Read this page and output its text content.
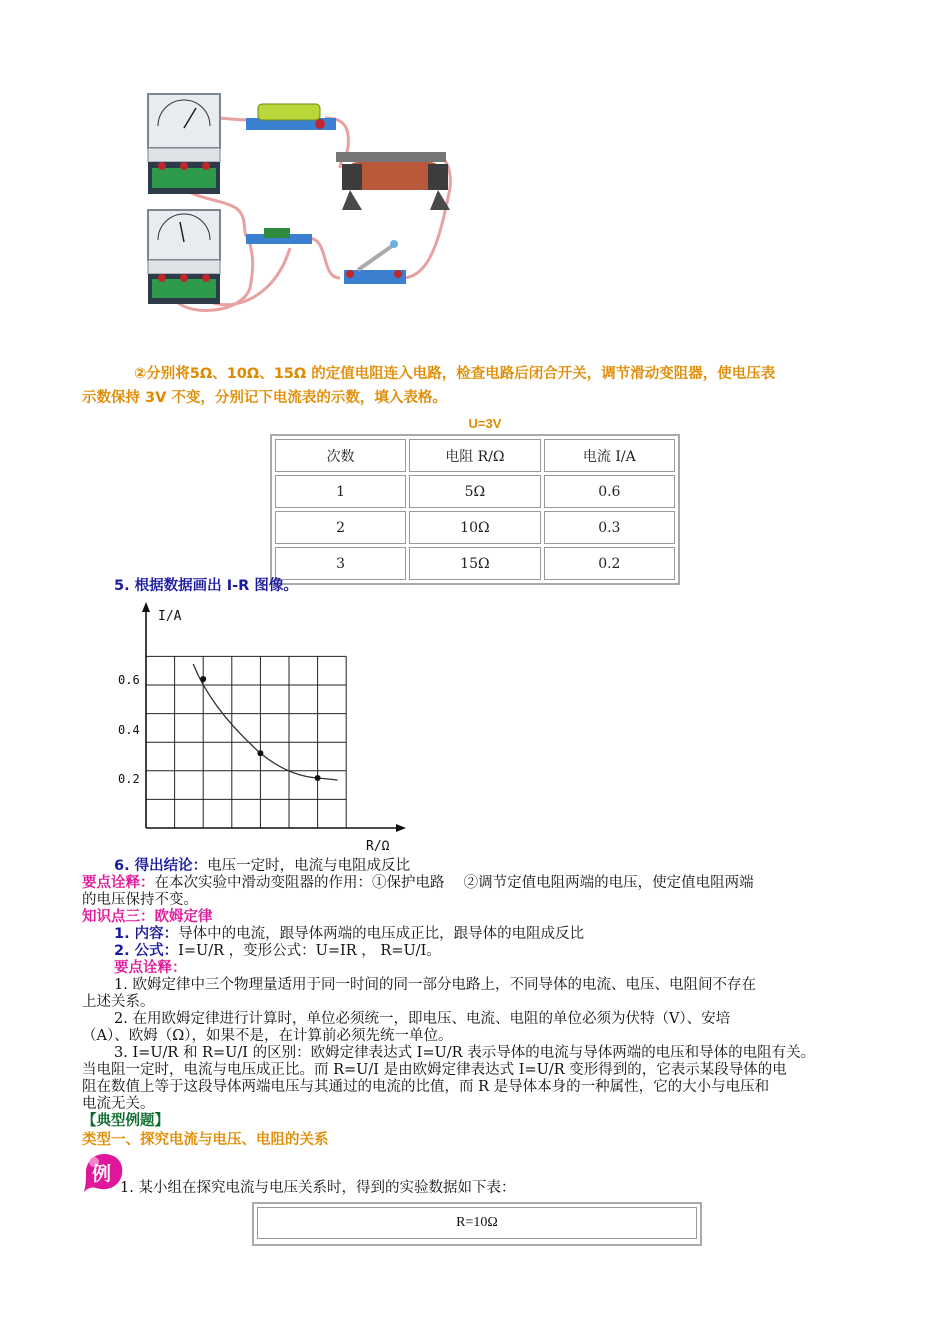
②分别将5Ω、10Ω、15Ω 的定值电阻连入电路，检查电路后闭合开关，调节滑动变阻器，使电压表
示数保持 3V 不变，分别记下电流表的示数，填入表格。
U=3V
次数	电阻 R/Ω	电流 I/A
1	5Ω	0.6
2	10Ω	0.3
3	15Ω	0.2
5. 根据数据画出 I-R 图像。
I/A
R/Ω
0.6
0.4
0.2
6. 得出结论：电压一定时，电流与电阻成反比
要点诠释：在本次实验中滑动变阻器的作用：①保护电路　 ②调节定值电阻两端的电压，使定值电阻两端
的电压保持不变。
知识点三：欧姆定律
1. 内容：导体中的电流，跟导体两端的电压成正比，跟导体的电阻成反比
2. 公式：I=U/R ，变形公式：U=IR ， R=U/I。
要点诠释：
1. 欧姆定律中三个物理量适用于同一时间的同一部分电路上，不同导体的电流、电压、电阻间不存在
上述关系。
2. 在用欧姆定律进行计算时，单位必须统一，即电压、电流、电阻的单位必须为伏特（V）、安培
（A）、欧姆（Ω），如果不是，在计算前必须先统一单位。
3. I=U/R 和 R=U/I 的区别：欧姆定律表达式 I=U/R 表示导体的电流与导体两端的电压和导体的电阻有关。
当电阻一定时，电流与电压成正比。而 R=U/I 是由欧姆定律表达式 I=U/R 变形得到的，它表示某段导体的电
阻在数值上等于这段导体两端电压与其通过的电流的比值，而 R 是导体本身的一种属性，它的大小与电压和
电流无关。
【典型例题】
类型一、探究电流与电压、电阻的关系
例
1. 某小组在探究电流与电压关系时，得到的实验数据如下表：
R=10Ω
